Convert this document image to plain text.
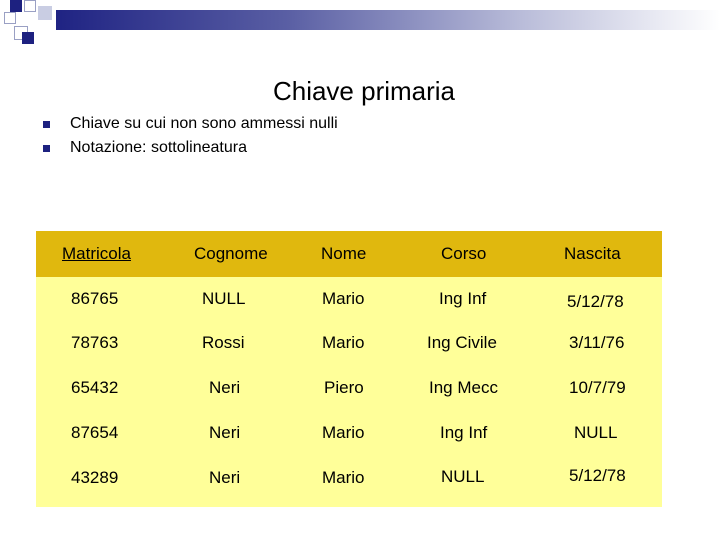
Chiave primaria
Chiave su cui non sono ammessi nulli
Notazione: sottolineatura
Matricola	Cognome	Nome	Corso	Nascita
86765	NULL	Mario	Ing Inf	5/12/78
78763	Rossi	Mario	Ing Civile	3/11/76
65432	Neri	Piero	Ing Mecc	10/7/79
87654	Neri	Mario	Ing Inf	NULL
43289	Neri	Mario	NULL	5/12/78
